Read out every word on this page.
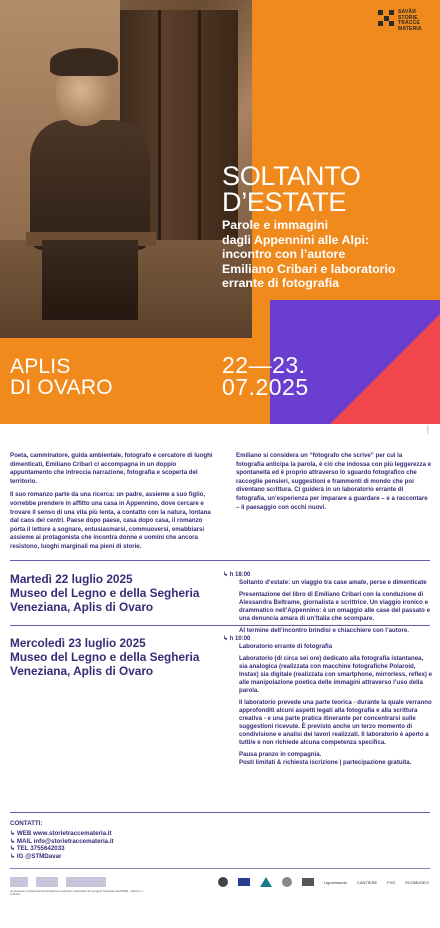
SAVÂR
STORIE
TRACCE
MATERIA
SOLTANTO
D’ESTATE
Parole e immagini
dagli Appennini alle Alpi:
incontro con l’autore
Emiliano Cribari e laboratorio
errante di fotografia
APLIS
DI OVARO
22—23.
07.2025
credits

Poeta, camminatore, guida ambientale, fotografo e cercatore di luoghi dimenticati, Emiliano Cribari ci accompagna in un doppio appuntamento che intreccia narrazione, fotografia e scoperta del territorio.

Il suo romanzo parte da una ricerca: un padre, assieme a suo figlio, vorrebbe prendere in affitto una casa in Appennino, dove cercare e trovare il senso di una vita più lenta, a contatto con la natura, lontana dal caos dei centri. Paese dopo paese, casa dopo casa, il romanzo porta il lettore a sognare, entusiasmarsi, commuoversi, emabbiarsi assieme ai protagonista che incontra donne e uomini che ancora resistono, luoghi marginali ma pieni di storie.

Emiliano si considera un “fotografo che scrive” per cui la fotografia anticipa la parola, è ciò che indossa con più leggerezza e spontaneità ed è proprio attraverso lo sguardo fotografico che raccoglie pensieri, suggestioni e frammenti di mondo che poi diventano scrittura. Ci guiderà in un laboratorio errante di fotografia, un’esperienza per imparare a guardare – e a raccontare – il paesaggio con occhi nuovi.

Martedì 22 luglio 2025
Museo del Legno e della Segheria
Veneziana, Aplis di Ovaro
↳ h 18:00

Soltanto d’estate: un viaggio tra case amate, perse e dimenticate

Presentazione del libro di Emiliano Cribari con la conduzione di Alessandra Beltrame, giornalista e scrittrice. Un viaggio ironico e drammatico nell’Appennino: è un omaggio alle case del passato e una denuncia amara di un’Italia che scompare.

Al termine dell’incontro brindisi e chiacchiere con l’autore.

Mercoledì 23 luglio 2025
Museo del Legno e della Segheria
Veneziana, Aplis di Ovaro
↳ h 10:00

Laboratorio errante di fotografia

Laboratorio (di circa sei ore) dedicato alla fotografia istantanea, sia analogica (realizzata con macchine fotografiche Polaroid, Instax) sia digitale (realizzata con smartphone, mirrorless, reflex) e alle manipolazione poetica delle immagini attraverso l’uso della parola.

Il laboratorio prevede una parte teorica - durante la quale verranno approfonditi alcuni aspetti legati alla fotografia e alla scrittura creativa - e una parte pratica itinerante per concentrarsi sulle suggestioni ricevute. È previsto anche un terzo momento di condivisione e analisi dei lavori realizzati. Il laboratorio è aperto a tutti/e e non richiede alcuna competenza specifica.

Pausa pranzo in compagnia.

Posti limitati & richiesta iscrizione | partecipazione gratuita.

CONTATTI:
↳ WEB www.storietraccemateria.it
↳ MAIL info@storietraccemateria.it
↳ TEL 3755642033
↳ IG @STMDavar
«Il presente prodotto/servizio/iniziativa è realizzato nell’ambito del progetto finanziato dal PNRR – Misura 1 – Cultura»
Liguminando	CANTIERE	FVG	ECOMUSEO
